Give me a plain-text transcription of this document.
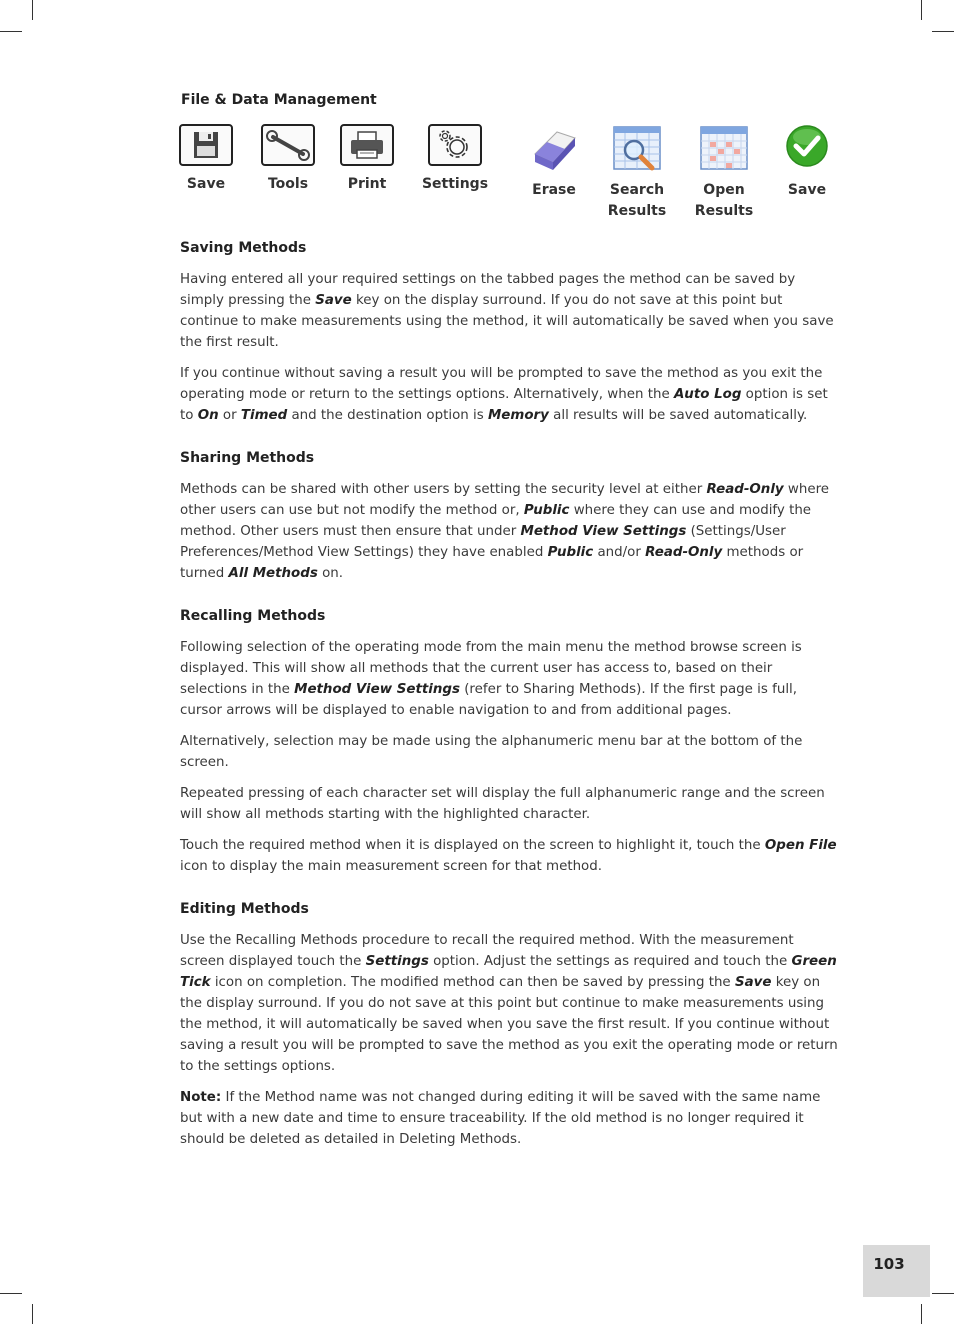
File & Data Management
Save	Tools	Print	Settings	Erase	Search
Results
Open
Results
Save
Saving Methods

Having entered all your required settings on the tabbed pages the method can be saved by simply pressing the Save key on the display surround. If you do not save at this point but continue to make measurements using the method, it will automatically be saved when you save the first result.

If you continue without saving a result you will be prompted to save the method as you exit the operating mode or return to the settings options. Alternatively, when the Auto Log option is set to On or Timed and the destination option is Memory all results will be saved automatically.

Sharing Methods

Methods can be shared with other users by setting the security level at either Read-Only where other users can use but not modify the method or, Public where they can use and modify the method. Other users must then ensure that under Method View Settings (Settings/User Preferences/Method View Settings) they have enabled Public and/or Read-Only methods or turned All Methods on.

Recalling Methods

Following selection of the operating mode from the main menu the method browse screen is displayed. This will show all methods that the current user has access to, based on their selections in the Method View Settings (refer to Sharing Methods). If the first page is full, cursor arrows will be displayed to enable navigation to and from additional pages.

Alternatively, selection may be made using the alphanumeric menu bar at the bottom of the screen.

Repeated pressing of each character set will display the full alphanumeric range and the screen will show all methods starting with the highlighted character.

Touch the required method when it is displayed on the screen to highlight it, touch the Open File icon to display the main measurement screen for that method.

Editing Methods

Use the Recalling Methods procedure to recall the required method. With the measurement screen displayed touch the Settings option. Adjust the settings as required and touch the Green Tick icon on completion. The modified method can then be saved by pressing the Save key on the display surround. If you do not save at this point but continue to make measurements using the method, it will automatically be saved when you save the first result. If you continue without saving a result you will be prompted to save the method as you exit the operating mode or return to the settings options.

Note: If the Method name was not changed during editing it will be saved with the same name but with a new date and time to ensure traceability. If the old method is no longer required it should be deleted as detailed in Deleting Methods.

103
